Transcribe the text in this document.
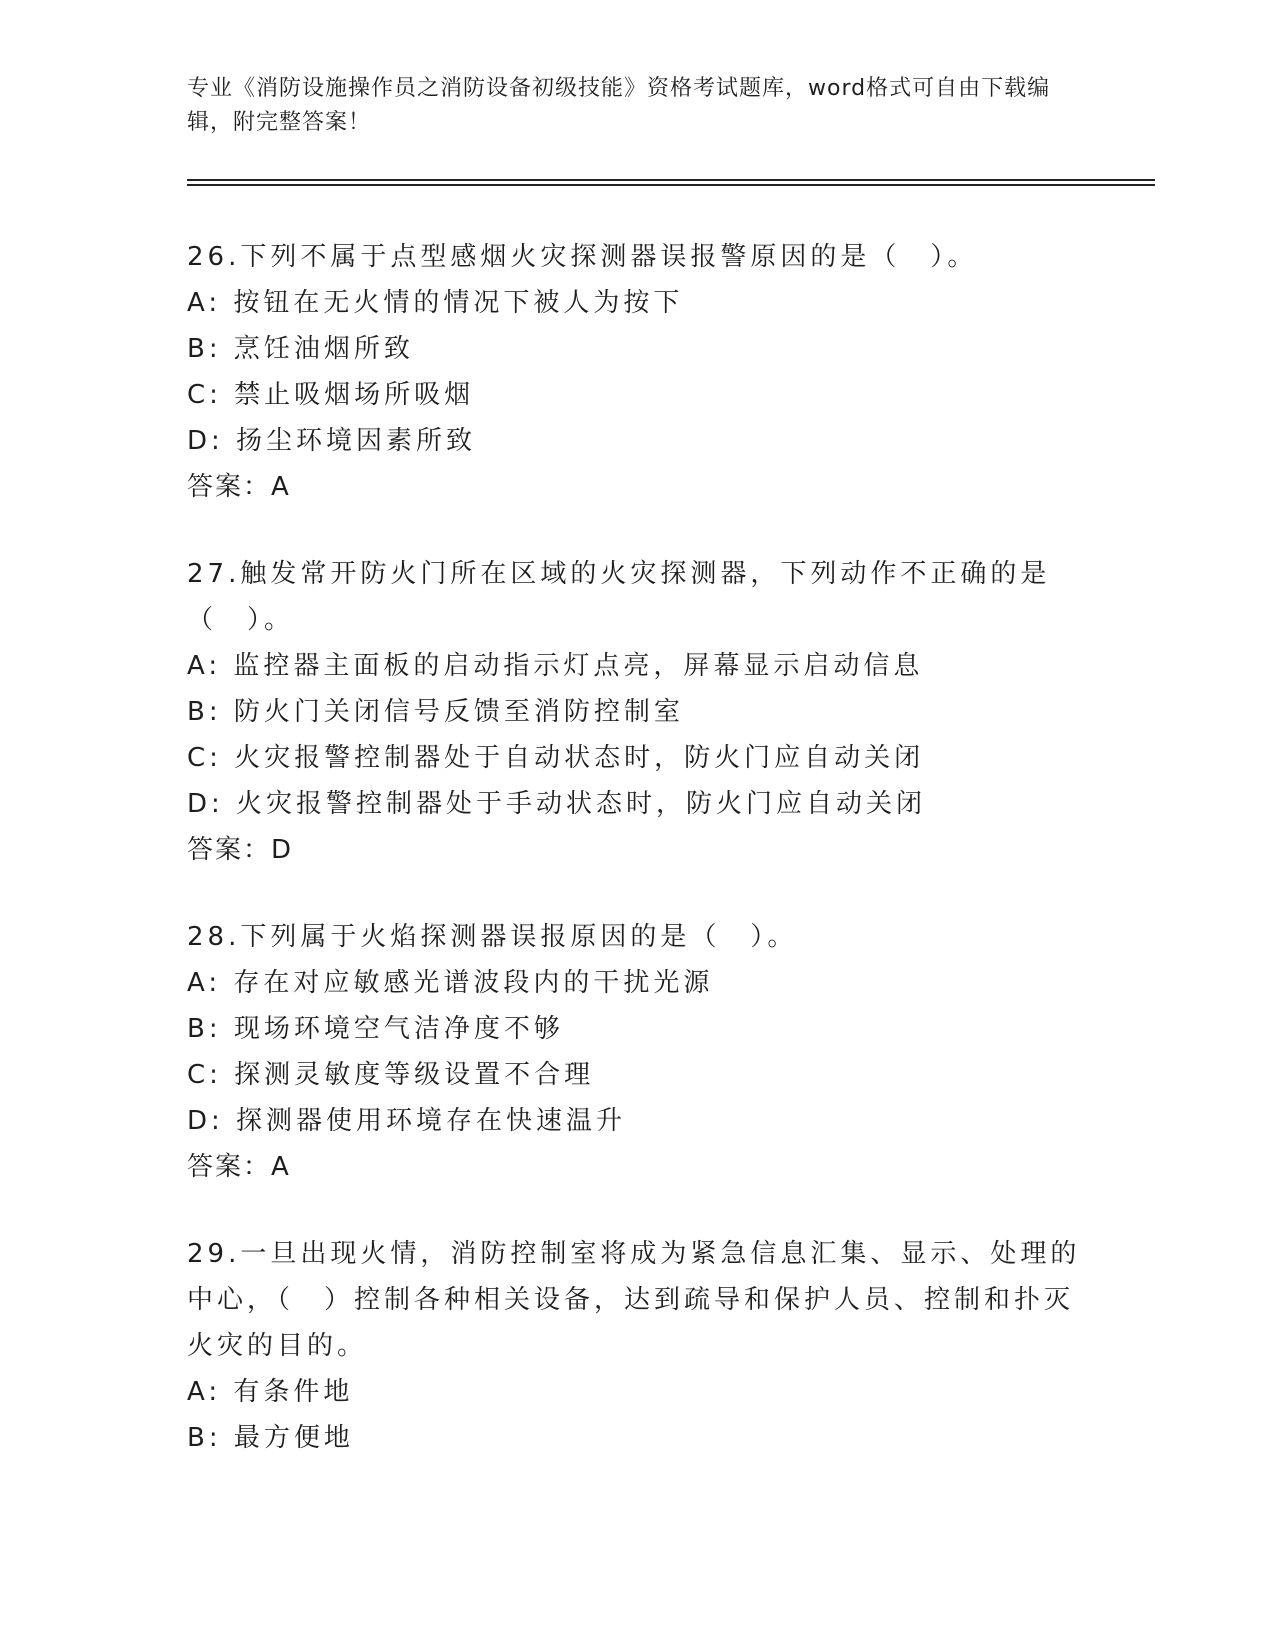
专业《消防设施操作员之消防设备初级技能》资格考试题库，word格式可自由下载编辑，附完整答案！
26.下列不属于点型感烟火灾探测器误报警原因的是（　）。
A: 按钮在无火情的情况下被人为按下
B: 烹饪油烟所致
C: 禁止吸烟场所吸烟
D: 扬尘环境因素所致
答案：A
27.触发常开防火门所在区域的火灾探测器，下列动作不正确的是（　）。
A: 监控器主面板的启动指示灯点亮，屏幕显示启动信息
B: 防火门关闭信号反馈至消防控制室
C: 火灾报警控制器处于自动状态时，防火门应自动关闭
D: 火灾报警控制器处于手动状态时，防火门应自动关闭
答案：D
28.下列属于火焰探测器误报原因的是（　）。
A: 存在对应敏感光谱波段内的干扰光源
B: 现场环境空气洁净度不够
C: 探测灵敏度等级设置不合理
D: 探测器使用环境存在快速温升
答案：A
29.一旦出现火情，消防控制室将成为紧急信息汇集、显示、处理的中心，（　）控制各种相关设备，达到疏导和保护人员、控制和扑灭火灾的目的。
A: 有条件地
B: 最方便地
